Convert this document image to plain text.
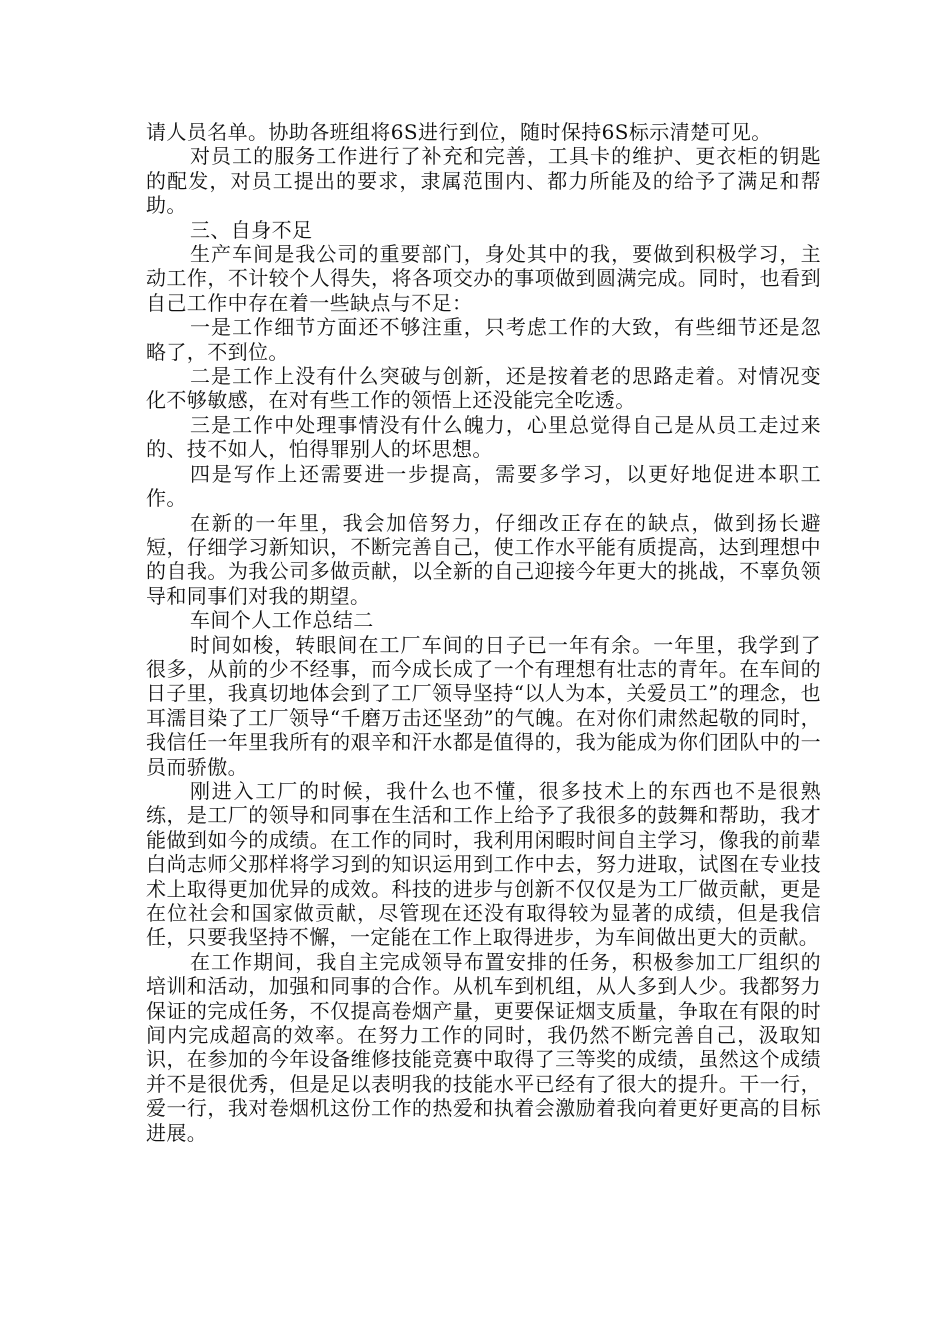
请人员名单。协助各班组将6S进行到位，随时保持6S标示清楚可见。

对员工的服务工作进行了补充和完善，工具卡的维护、更衣柜的钥匙的配发，对员工提出的要求，隶属范围内、都力所能及的给予了满足和帮助。

三、自身不足

生产车间是我公司的重要部门，身处其中的我，要做到积极学习，主动工作，不计较个人得失，将各项交办的事项做到圆满完成。同时，也看到自己工作中存在着一些缺点与不足：

一是工作细节方面还不够注重，只考虑工作的大致，有些细节还是忽略了，不到位。

二是工作上没有什么突破与创新，还是按着老的思路走着。对情况变化不够敏感，在对有些工作的领悟上还没能完全吃透。

三是工作中处理事情没有什么魄力，心里总觉得自己是从员工走过来的、技不如人，怕得罪别人的坏思想。

四是写作上还需要进一步提高，需要多学习，以更好地促进本职工作。

在新的一年里，我会加倍努力，仔细改正存在的缺点，做到扬长避短，仔细学习新知识，不断完善自己，使工作水平能有质提高，达到理想中的自我。为我公司多做贡献，以全新的自己迎接今年更大的挑战，不辜负领导和同事们对我的期望。

车间个人工作总结二

时间如梭，转眼间在工厂车间的日子已一年有余。一年里，我学到了很多，从前的少不经事，而今成长成了一个有理想有壮志的青年。在车间的日子里，我真切地体会到了工厂领导坚持“以人为本，关爱员工”的理念，也耳濡目染了工厂领导“千磨万击还坚劲”的气魄。在对你们肃然起敬的同时，我信任一年里我所有的艰辛和汗水都是值得的，我为能成为你们团队中的一员而骄傲。

刚进入工厂的时候，我什么也不懂，很多技术上的东西也不是很熟练，是工厂的领导和同事在生活和工作上给予了我很多的鼓舞和帮助，我才能做到如今的成绩。在工作的同时，我利用闲暇时间自主学习，像我的前辈白尚志师父那样将学习到的知识运用到工作中去，努力进取，试图在专业技术上取得更加优异的成效。科技的进步与创新不仅仅是为工厂做贡献，更是在位社会和国家做贡献，尽管现在还没有取得较为显著的成绩，但是我信任，只要我坚持不懈，一定能在工作上取得进步，为车间做出更大的贡献。

在工作期间，我自主完成领导布置安排的任务，积极参加工厂组织的培训和活动，加强和同事的合作。从机车到机组，从人多到人少。我都努力保证的完成任务，不仅提高卷烟产量，更要保证烟支质量，争取在有限的时间内完成超高的效率。在努力工作的同时，我仍然不断完善自己，汲取知识，在参加的今年设备维修技能竞赛中取得了三等奖的成绩，虽然这个成绩并不是很优秀，但是足以表明我的技能水平已经有了很大的提升。干一行，爱一行，我对卷烟机这份工作的热爱和执着会激励着我向着更好更高的目标进展。
